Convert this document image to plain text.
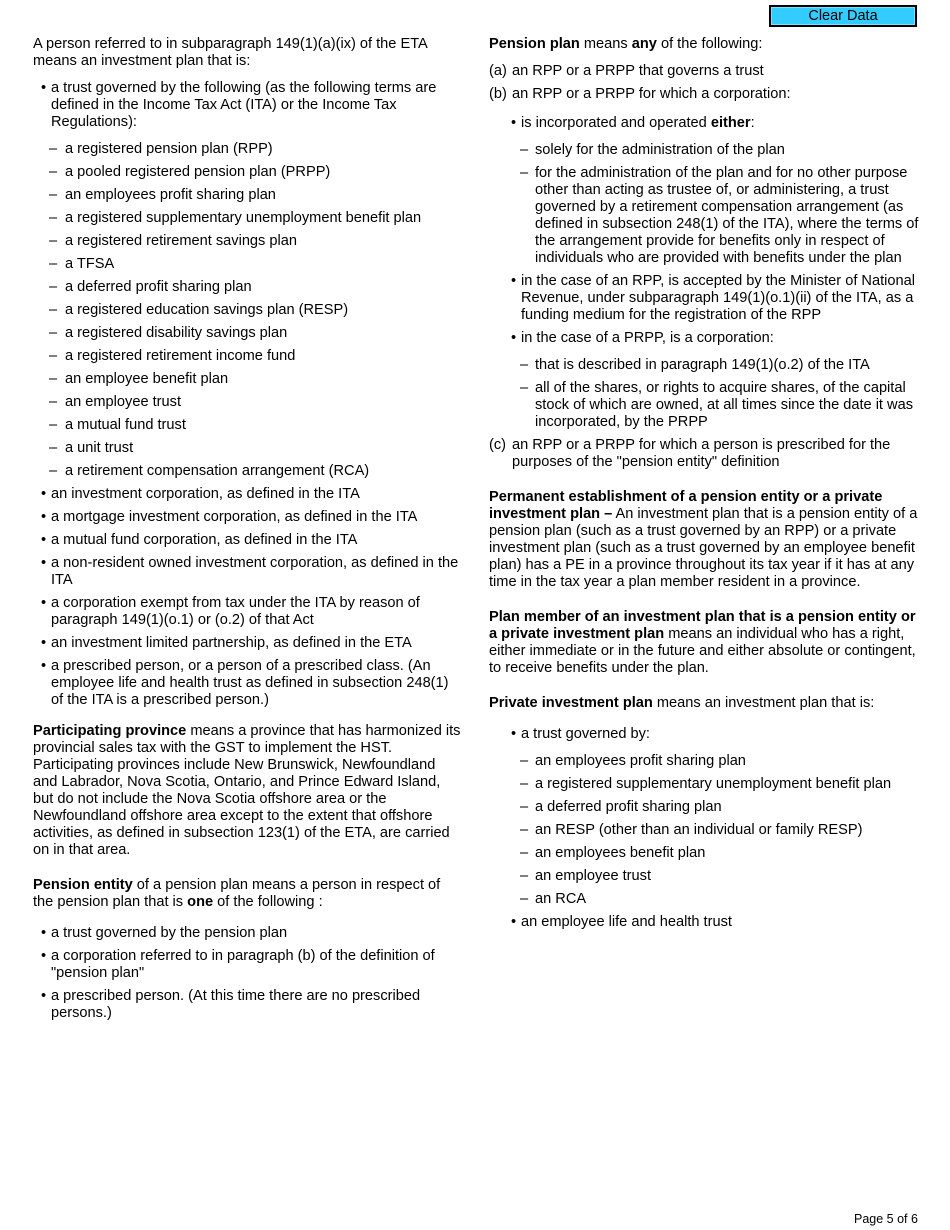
Clear Data

A person referred to in subparagraph 149(1)(a)(ix) of the ETA means an investment plan that is:

• a trust governed by the following (as the following terms are defined in the Income Tax Act (ITA) or the Income Tax Regulations):
– a registered pension plan (RPP)
– a pooled registered pension plan (PRPP)
– an employees profit sharing plan
– a registered supplementary unemployment benefit plan
– a registered retirement savings plan
– a TFSA
– a deferred profit sharing plan
– a registered education savings plan (RESP)
– a registered disability savings plan
– a registered retirement income fund
– an employee benefit plan
– an employee trust
– a mutual fund trust
– a unit trust
– a retirement compensation arrangement (RCA)
• an investment corporation, as defined in the ITA
• a mortgage investment corporation, as defined in the ITA
• a mutual fund corporation, as defined in the ITA
• a non-resident owned investment corporation, as defined in the ITA
• a corporation exempt from tax under the ITA by reason of paragraph 149(1)(o.1) or (o.2) of that Act
• an investment limited partnership, as defined in the ETA
• a prescribed person, or a person of a prescribed class. (An employee life and health trust as defined in subsection 248(1) of the ITA is a prescribed person.)

Participating province means a province that has harmonized its provincial sales tax with the GST to implement the HST. Participating provinces include New Brunswick, Newfoundland and Labrador, Nova Scotia, Ontario, and Prince Edward Island, but do not include the Nova Scotia offshore area or the Newfoundland offshore area except to the extent that offshore activities, as defined in subsection 123(1) of the ETA, are carried on in that area.

Pension entity of a pension plan means a person in respect of the pension plan that is one of the following :

• a trust governed by the pension plan
• a corporation referred to in paragraph (b) of the definition of "pension plan"
• a prescribed person. (At this time there are no prescribed persons.)

Pension plan means any of the following:

(a) an RPP or a PRPP that governs a trust
(b) an RPP or a PRPP for which a corporation:
• is incorporated and operated either:
– solely for the administration of the plan
– for the administration of the plan and for no other purpose other than acting as trustee of, or administering, a trust governed by a retirement compensation arrangement (as defined in subsection 248(1) of the ITA), where the terms of the arrangement provide for benefits only in respect of individuals who are provided with benefits under the plan
• in the case of an RPP, is accepted by the Minister of National Revenue, under subparagraph 149(1)(o.1)(ii) of the ITA, as a funding medium for the registration of the RPP
• in the case of a PRPP, is a corporation:
– that is described in paragraph 149(1)(o.2) of the ITA
– all of the shares, or rights to acquire shares, of the capital stock of which are owned, at all times since the date it was incorporated, by the PRPP
(c) an RPP or a PRPP for which a person is prescribed for the purposes of the "pension entity" definition

Permanent establishment of a pension entity or a private investment plan – An investment plan that is a pension entity of a pension plan (such as a trust governed by an RPP) or a private investment plan (such as a trust governed by an employee benefit plan) has a PE in a province throughout its tax year if it has at any time in the tax year a plan member resident in a province.

Plan member of an investment plan that is a pension entity or a private investment plan means an individual who has a right, either immediate or in the future and either absolute or contingent, to receive benefits under the plan.

Private investment plan means an investment plan that is:

• a trust governed by:
– an employees profit sharing plan
– a registered supplementary unemployment benefit plan
– a deferred profit sharing plan
– an RESP (other than an individual or family RESP)
– an employees benefit plan
– an employee trust
– an RCA
• an employee life and health trust
Page 5 of 6
